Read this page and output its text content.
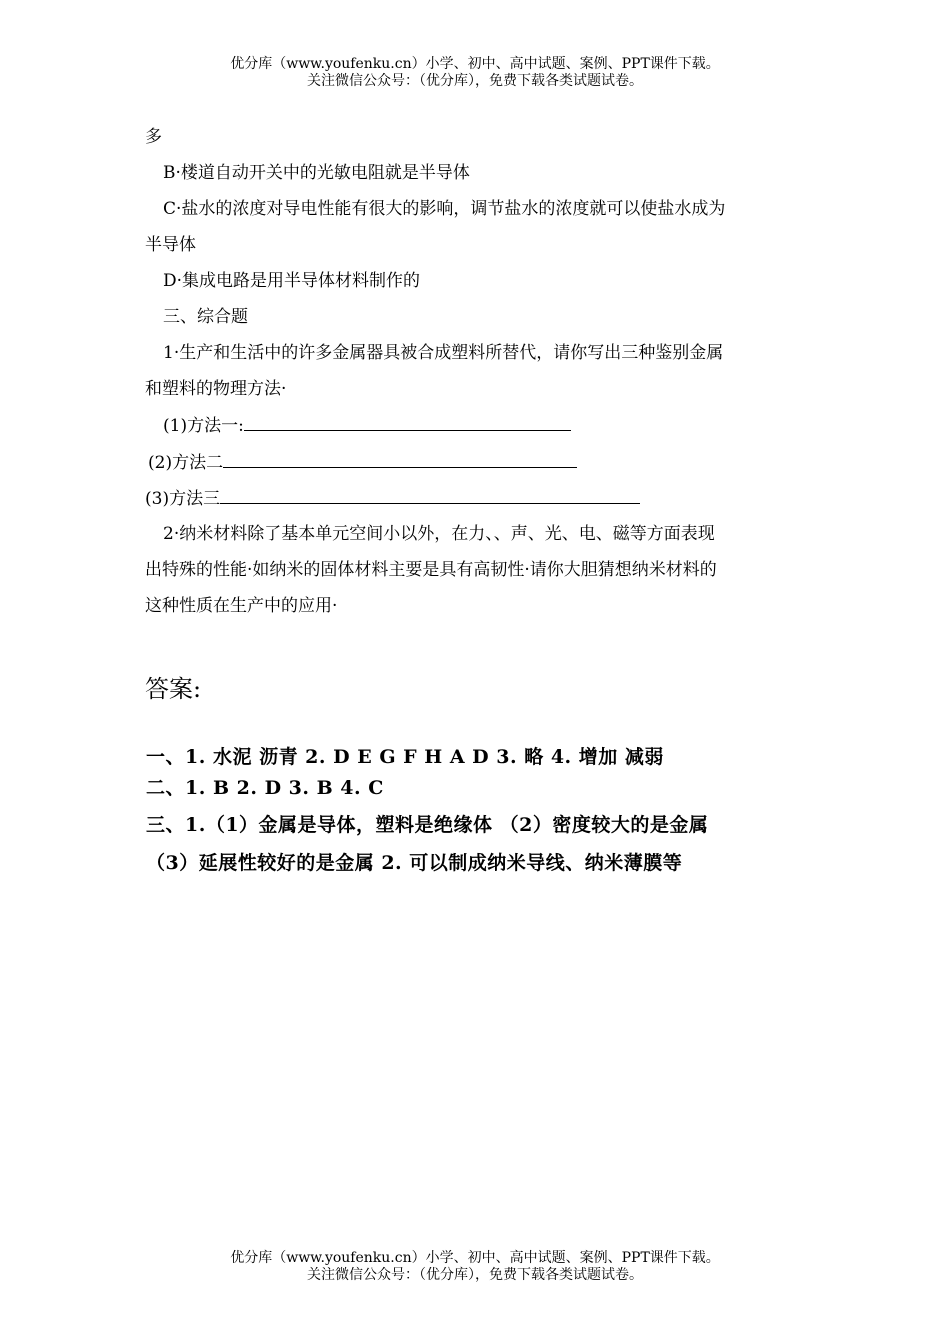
优分库（www.youfenku.cn）小学、初中、高中试题、案例、PPT课件下载。
关注微信公众号：（优分库），免费下载各类试题试卷。
多
B·楼道自动开关中的光敏电阻就是半导体
C·盐水的浓度对导电性能有很大的影响，调节盐水的浓度就可以使盐水成为
半导体
D·集成电路是用半导体材料制作的
三、综合题
1·生产和生活中的许多金属器具被合成塑料所替代，请你写出三种鉴别金属
和塑料的物理方法·
(1)方法一:
(2)方法二
(3)方法三
2·纳米材料除了基本单元空间小以外，在力、、声、光、电、磁等方面表现
出特殊的性能·如纳米的固体材料主要是具有高韧性·请你大胆猜想纳米材料的
这种性质在生产中的应用·
答案:
一、1. 水泥 沥青 2. D E G F H A D 3. 略 4. 增加 减弱
二、1. B 2. D 3. B 4. C
三、1.（1）金属是导体，塑料是绝缘体 （2）密度较大的是金属
（3）延展性较好的是金属 2. 可以制成纳米导线、纳米薄膜等
优分库（www.youfenku.cn）小学、初中、高中试题、案例、PPT课件下载。
关注微信公众号：（优分库），免费下载各类试题试卷。
